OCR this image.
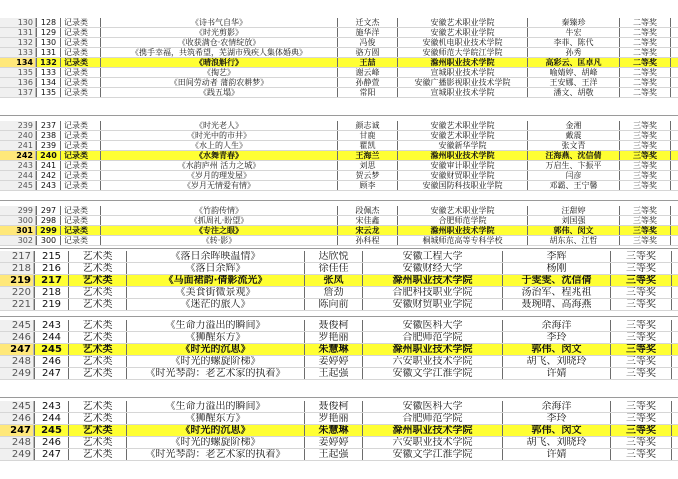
130 128 记录类	《诗书气自华》	迁文杰	安徽艺术职业学院	秦臻珍	二等奖
131 129 记录类	《时光剪影》	施华洋	安徽艺术职业学院	牛宏	二等奖
132 130 记录类	《收获满仓·农情绽放》	冯俊	安徽机电职业技术学院	李菲、陈代	二等奖
133 131 记录类	《携手幸福，共筑希望，芜湖市残疾人集体婚典》	骆方圆	安徽师范大学皖江学院	孙秀	二等奖
134 132 记录类	《晴浪斛行》	王喆	滁州职业技术学院	高彩云、匡卓凡	二等奖
135 133 记录类	《掏艺》	谢云峰	宣城职业技术学院	喻婧婷、胡峰	二等奖
136 134 记录类	《田间劳动者 蒲韵农耕梦》	孙静萱	安徽广播影视职业技术学院	王安娜、王洋	二等奖
137 135 记录类	《践五塌》	常阳	宣城职业技术学院	潘文、胡敬	二等奖
239 237 记录类	《时光老人》	颜志诚	安徽艺术职业学院	金湘	三等奖
240 238 记录类	《时光中的市井》	甘鹿	安徽艺术职业学院	戴震	三等奖
241 239 记录类	《水上的人生》	瞿凯	安徽新华学院	张文青	三等奖
242 240 记录类	《水舞青春》	王海兰	滁州职业技术学院	汪海燕、沈信倩	三等奖
243 241 记录类	《水韵庐州 活力之城》	刘思	安徽审计职业学院	万启生、卞振平	三等奖
244 242 记录类	《岁月的理发屋》	贺云梦	安徽财贸职业学院	闫彦	三等奖
245 243 记录类	《岁月无情爱有情》	顾李	安徽国防科技职业学院	邓霸、王宁馨	三等奖
299 297 记录类	《竹韵传情》	段佩杰	安徽艺术职业学院	汪甜婷	三等奖
300 298 记录类	《抓周礼·盼望》	宋佳鑫	合肥师范学院	刘国强	三等奖
301 299 记录类	《专注之眼》	宋云龙	滁州职业技术学院	郭伟、闵文	三等奖
302 300 记录类	《转·影》	孙科程	桐城师范高等专科学校	胡东东、江哲	三等奖
217	215	艺术类	《落日余晖映温情》	达欣悦	安徽工程大学	李辉	三等奖
218	216	艺术类	《落日余辉》	徐佳佳	安徽财经大学	杨刚	三等奖
219	217	艺术类	《马面裙韵·倩影流光》	张凤	滁州职业技术学院	于雯雯、沈信倩	三等奖
220	218	艺术类	《美食街微景观》	詹劲	合肥科技职业学院	汤治军、程兆祖	三等奖
221	219	艺术类	《迷茫的旅人》	陈向前	安徽财贸职业学院	聂琬晴、高海燕	三等奖
245	243	艺术类	《生命力溢出的瞬间》	聂俊柯	安徽医科大学	余海洋	三等奖
246	244	艺术类	《狮醒东方》	罗艳丽	合肥师范学院	李玲	三等奖
247	245	艺术类	《时光的沉思》	朱慧琳	滁州职业技术学院	郭伟、闵文	三等奖
248	246	艺术类	《时光的螺旋阶梯》	姜婷婷	六安职业技术学院	胡飞、刘晓玲	三等奖
249	247	艺术类	《时光琴韵：老艺术家的执着》	王起强	安徽文学江淮学院	许婧	三等奖
245	243	艺术类	《生命力溢出的瞬间》	聂俊柯	安徽医科大学	余海洋	三等奖
246	244	艺术类	《狮醒东方》	罗艳丽	合肥师范学院	李玲	三等奖
247	245	艺术类	《时光的沉思》	朱慧琳	滁州职业技术学院	郭伟、闵文	三等奖
248	246	艺术类	《时光的螺旋阶梯》	姜婷婷	六安职业技术学院	胡飞、刘晓玲	三等奖
249	247	艺术类	《时光琴韵：老艺术家的执着》	王起强	安徽文学江淮学院	许婧	三等奖
